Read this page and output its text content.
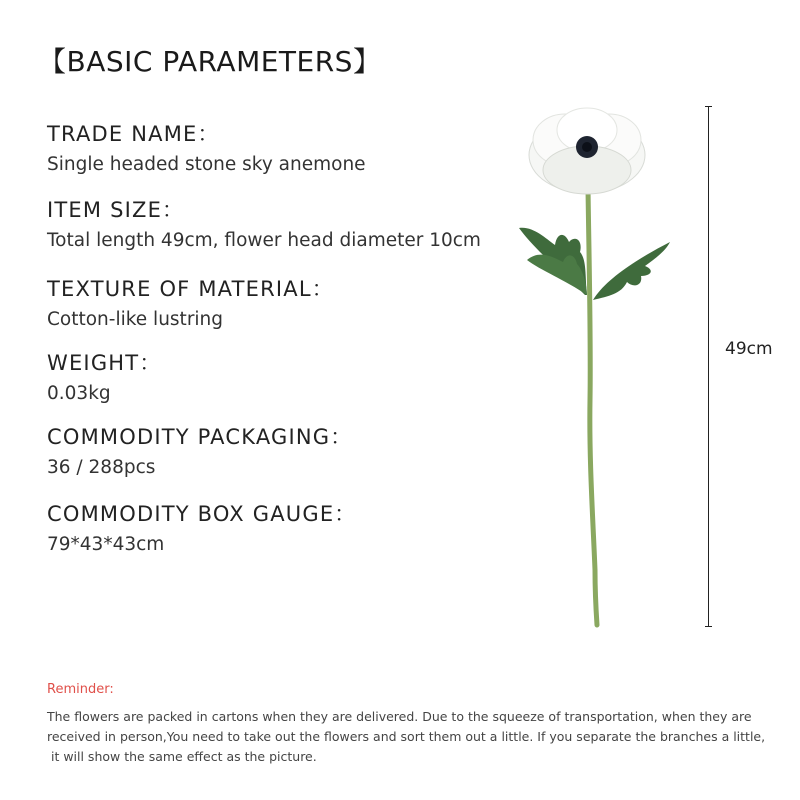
【BASIC PARAMETERS】
TRADE NAME：
Single headed stone sky anemone
ITEM SIZE：
Total length 49cm, flower head diameter 10cm
TEXTURE OF MATERIAL：
Cotton-like lustring
WEIGHT：
0.03kg
COMMODITY PACKAGING：
36 / 288pcs
COMMODITY BOX GAUGE：
79*43*43cm
49cm
Reminder:
The flowers are packed in cartons when they are delivered. Due to the squeeze of transportation, when they are
received in person,You need to take out the flowers and sort them out a little. If you separate the branches a little,
it will show the same effect as the picture.
